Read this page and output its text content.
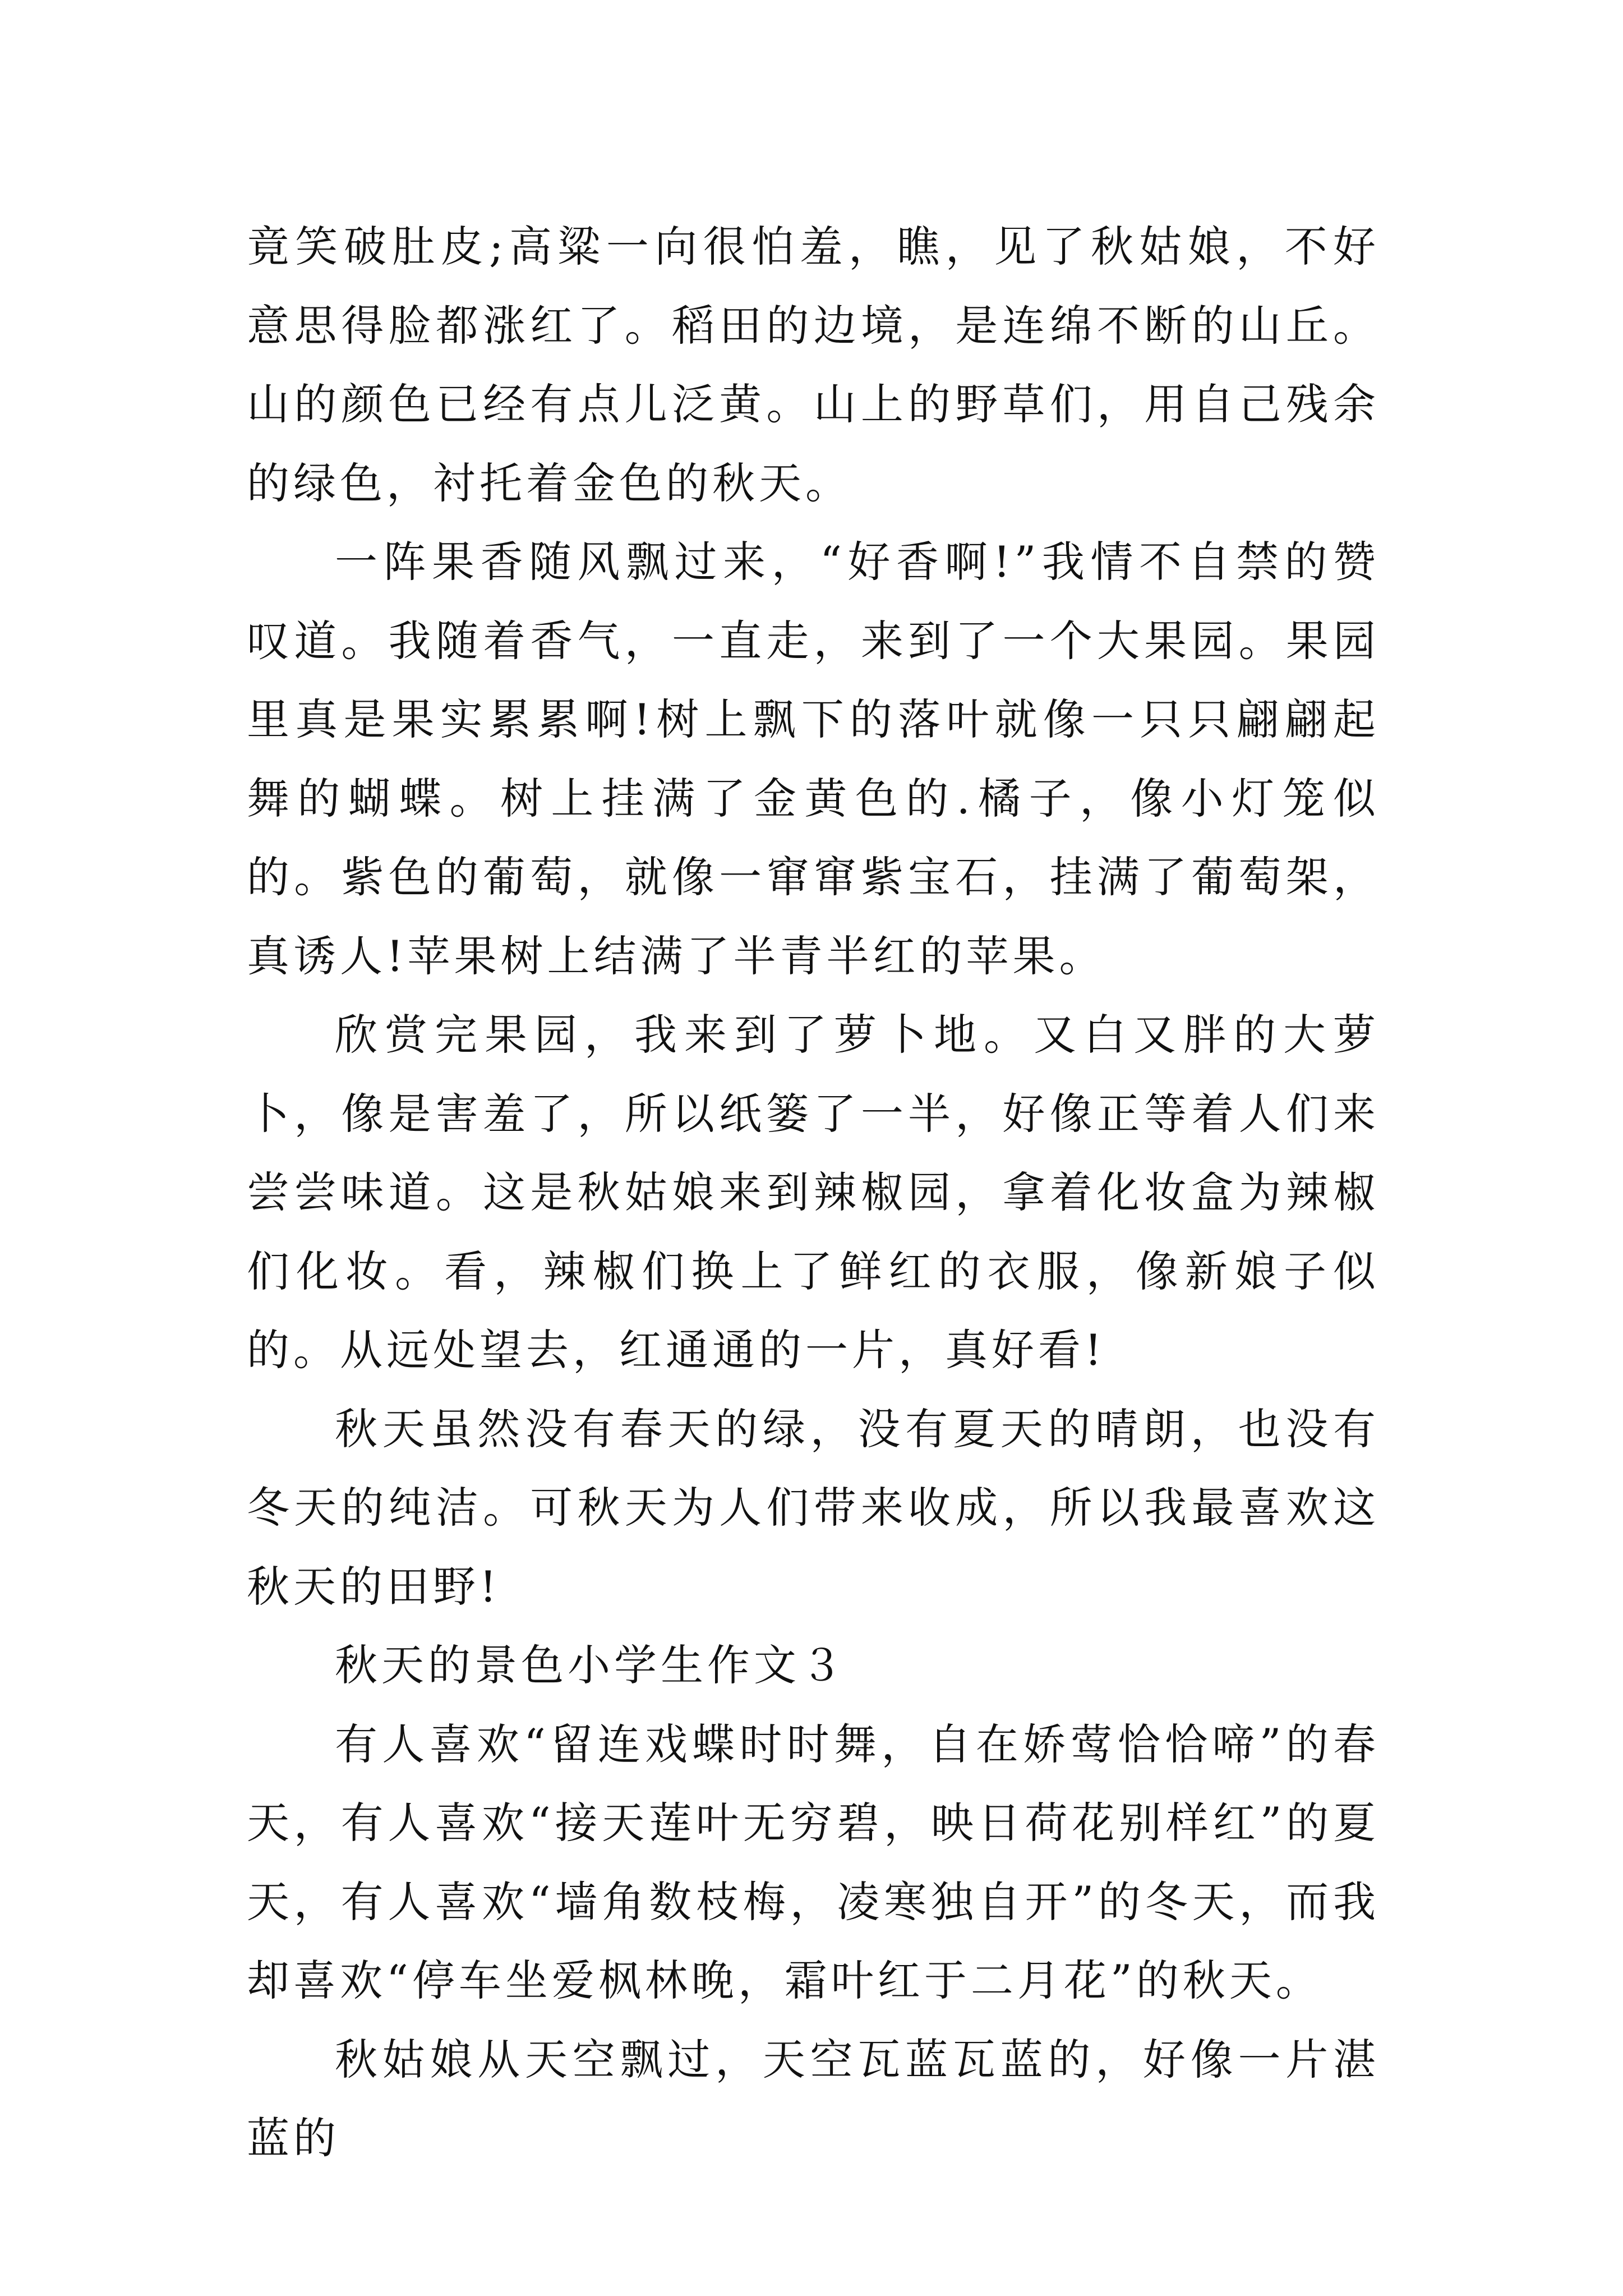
竟笑破肚皮;高粱一向很怕羞，瞧，见了秋姑娘，不好意思得脸都涨红了。稻田的边境，是连绵不断的山丘。山的颜色已经有点儿泛黄。山上的野草们，用自己残余的绿色，衬托着金色的秋天。

一阵果香随风飘过来，“好香啊!”我情不自禁的赞叹道。我随着香气，一直走，来到了一个大果园。果园里真是果实累累啊!树上飘下的落叶就像一只只翩翩起舞的蝴蝶。树上挂满了金黄色的.橘子，像小灯笼似的。紫色的葡萄，就像一窜窜紫宝石，挂满了葡萄架，真诱人!苹果树上结满了半青半红的苹果。

欣赏完果园，我来到了萝卜地。又白又胖的大萝卜，像是害羞了，所以纸篓了一半，好像正等着人们来尝尝味道。这是秋姑娘来到辣椒园，拿着化妆盒为辣椒们化妆。看，辣椒们换上了鲜红的衣服，像新娘子似的。从远处望去，红通通的一片，真好看!

秋天虽然没有春天的绿，没有夏天的晴朗，也没有冬天的纯洁。可秋天为人们带来收成，所以我最喜欢这秋天的田野!

秋天的景色小学生作文３

有人喜欢“留连戏蝶时时舞，自在娇莺恰恰啼”的春天，有人喜欢“接天莲叶无穷碧，映日荷花别样红”的夏天，有人喜欢“墙角数枝梅，凌寒独自开”的冬天，而我却喜欢“停车坐爱枫林晚，霜叶红于二月花”的秋天。

秋姑娘从天空飘过，天空瓦蓝瓦蓝的，好像一片湛蓝的
